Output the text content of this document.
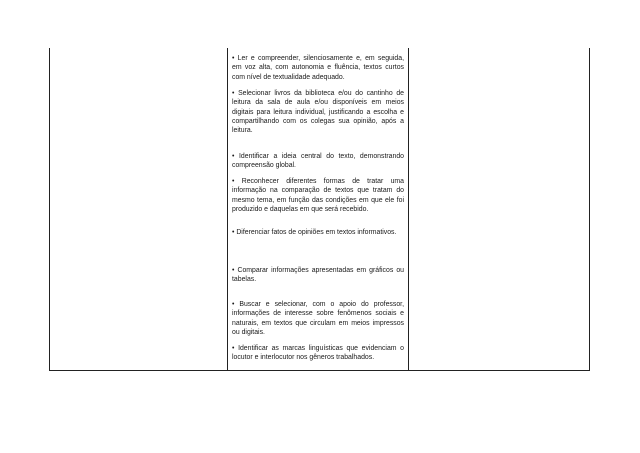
• Ler e compreender, silenciosamente e, em seguida, em voz alta, com autonomia e fluência, textos curtos com nível de textualidade adequado.

• Selecionar livros da biblioteca e/ou do cantinho de leitura da sala de aula e/ou disponíveis em meios digitais para leitura individual, justificando a escolha e compartilhando com os colegas sua opinião, após a leitura.

• Identificar a ideia central do texto, demonstrando compreensão global.

• Reconhecer diferentes formas de tratar uma informação na comparação de textos que tratam do mesmo tema, em função das condições em que ele foi produzido e daquelas em que será recebido.

• Diferenciar fatos de opiniões em textos informativos.

• Comparar informações apresentadas em gráficos ou tabelas.

• Buscar e selecionar, com o apoio do professor, informações de interesse sobre fenômenos sociais e naturais, em textos que circulam em meios impressos ou digitais.

• Identificar as marcas linguísticas que evidenciam o locutor e interlocutor nos gêneros trabalhados.
